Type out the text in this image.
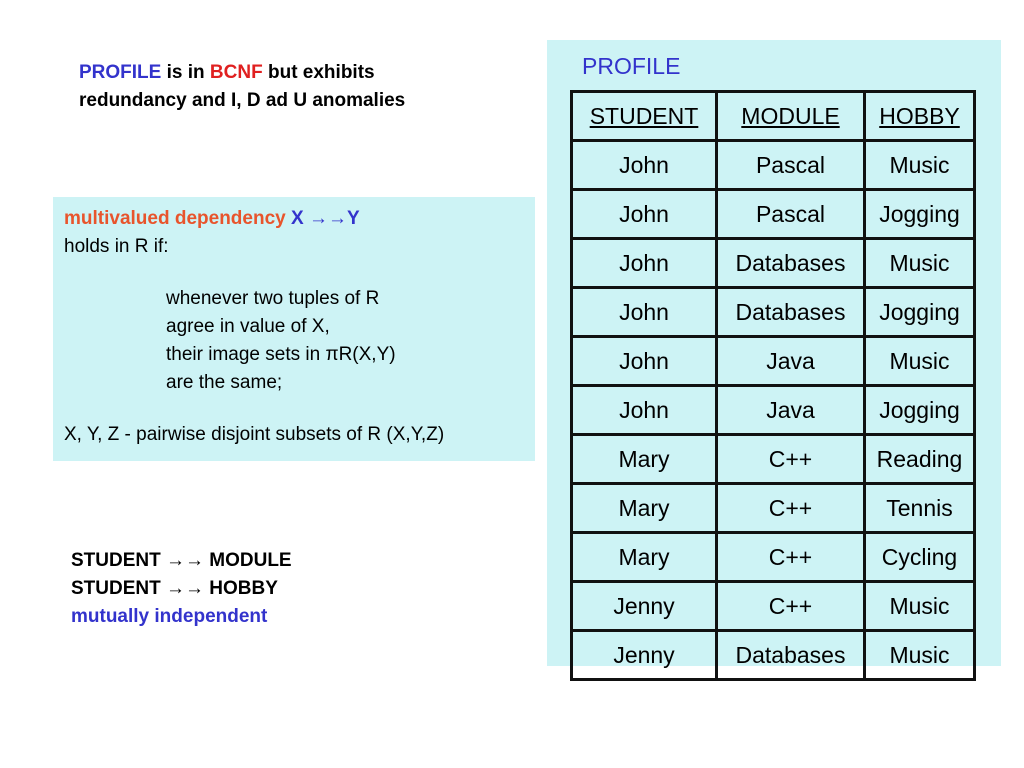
PROFILE is in BCNF but exhibits
redundancy and I, D ad U anomalies
multivalued dependency X →→Y
holds in R if:
whenever two tuples of R
agree in value of X,
their image sets in πR(X,Y)
are the same;
X, Y, Z - pairwise disjoint subsets of R (X,Y,Z)
STUDENT →→ MODULE
STUDENT →→ HOBBY
mutually independent
PROFILE
STUDENT	MODULE	HOBBY
John	Pascal	Music
John	Pascal	Jogging
John	Databases	Music
John	Databases	Jogging
John	Java	Music
John	Java	Jogging
Mary	C++	Reading
Mary	C++	Tennis
Mary	C++	Cycling
Jenny	C++	Music
Jenny	Databases	Music
